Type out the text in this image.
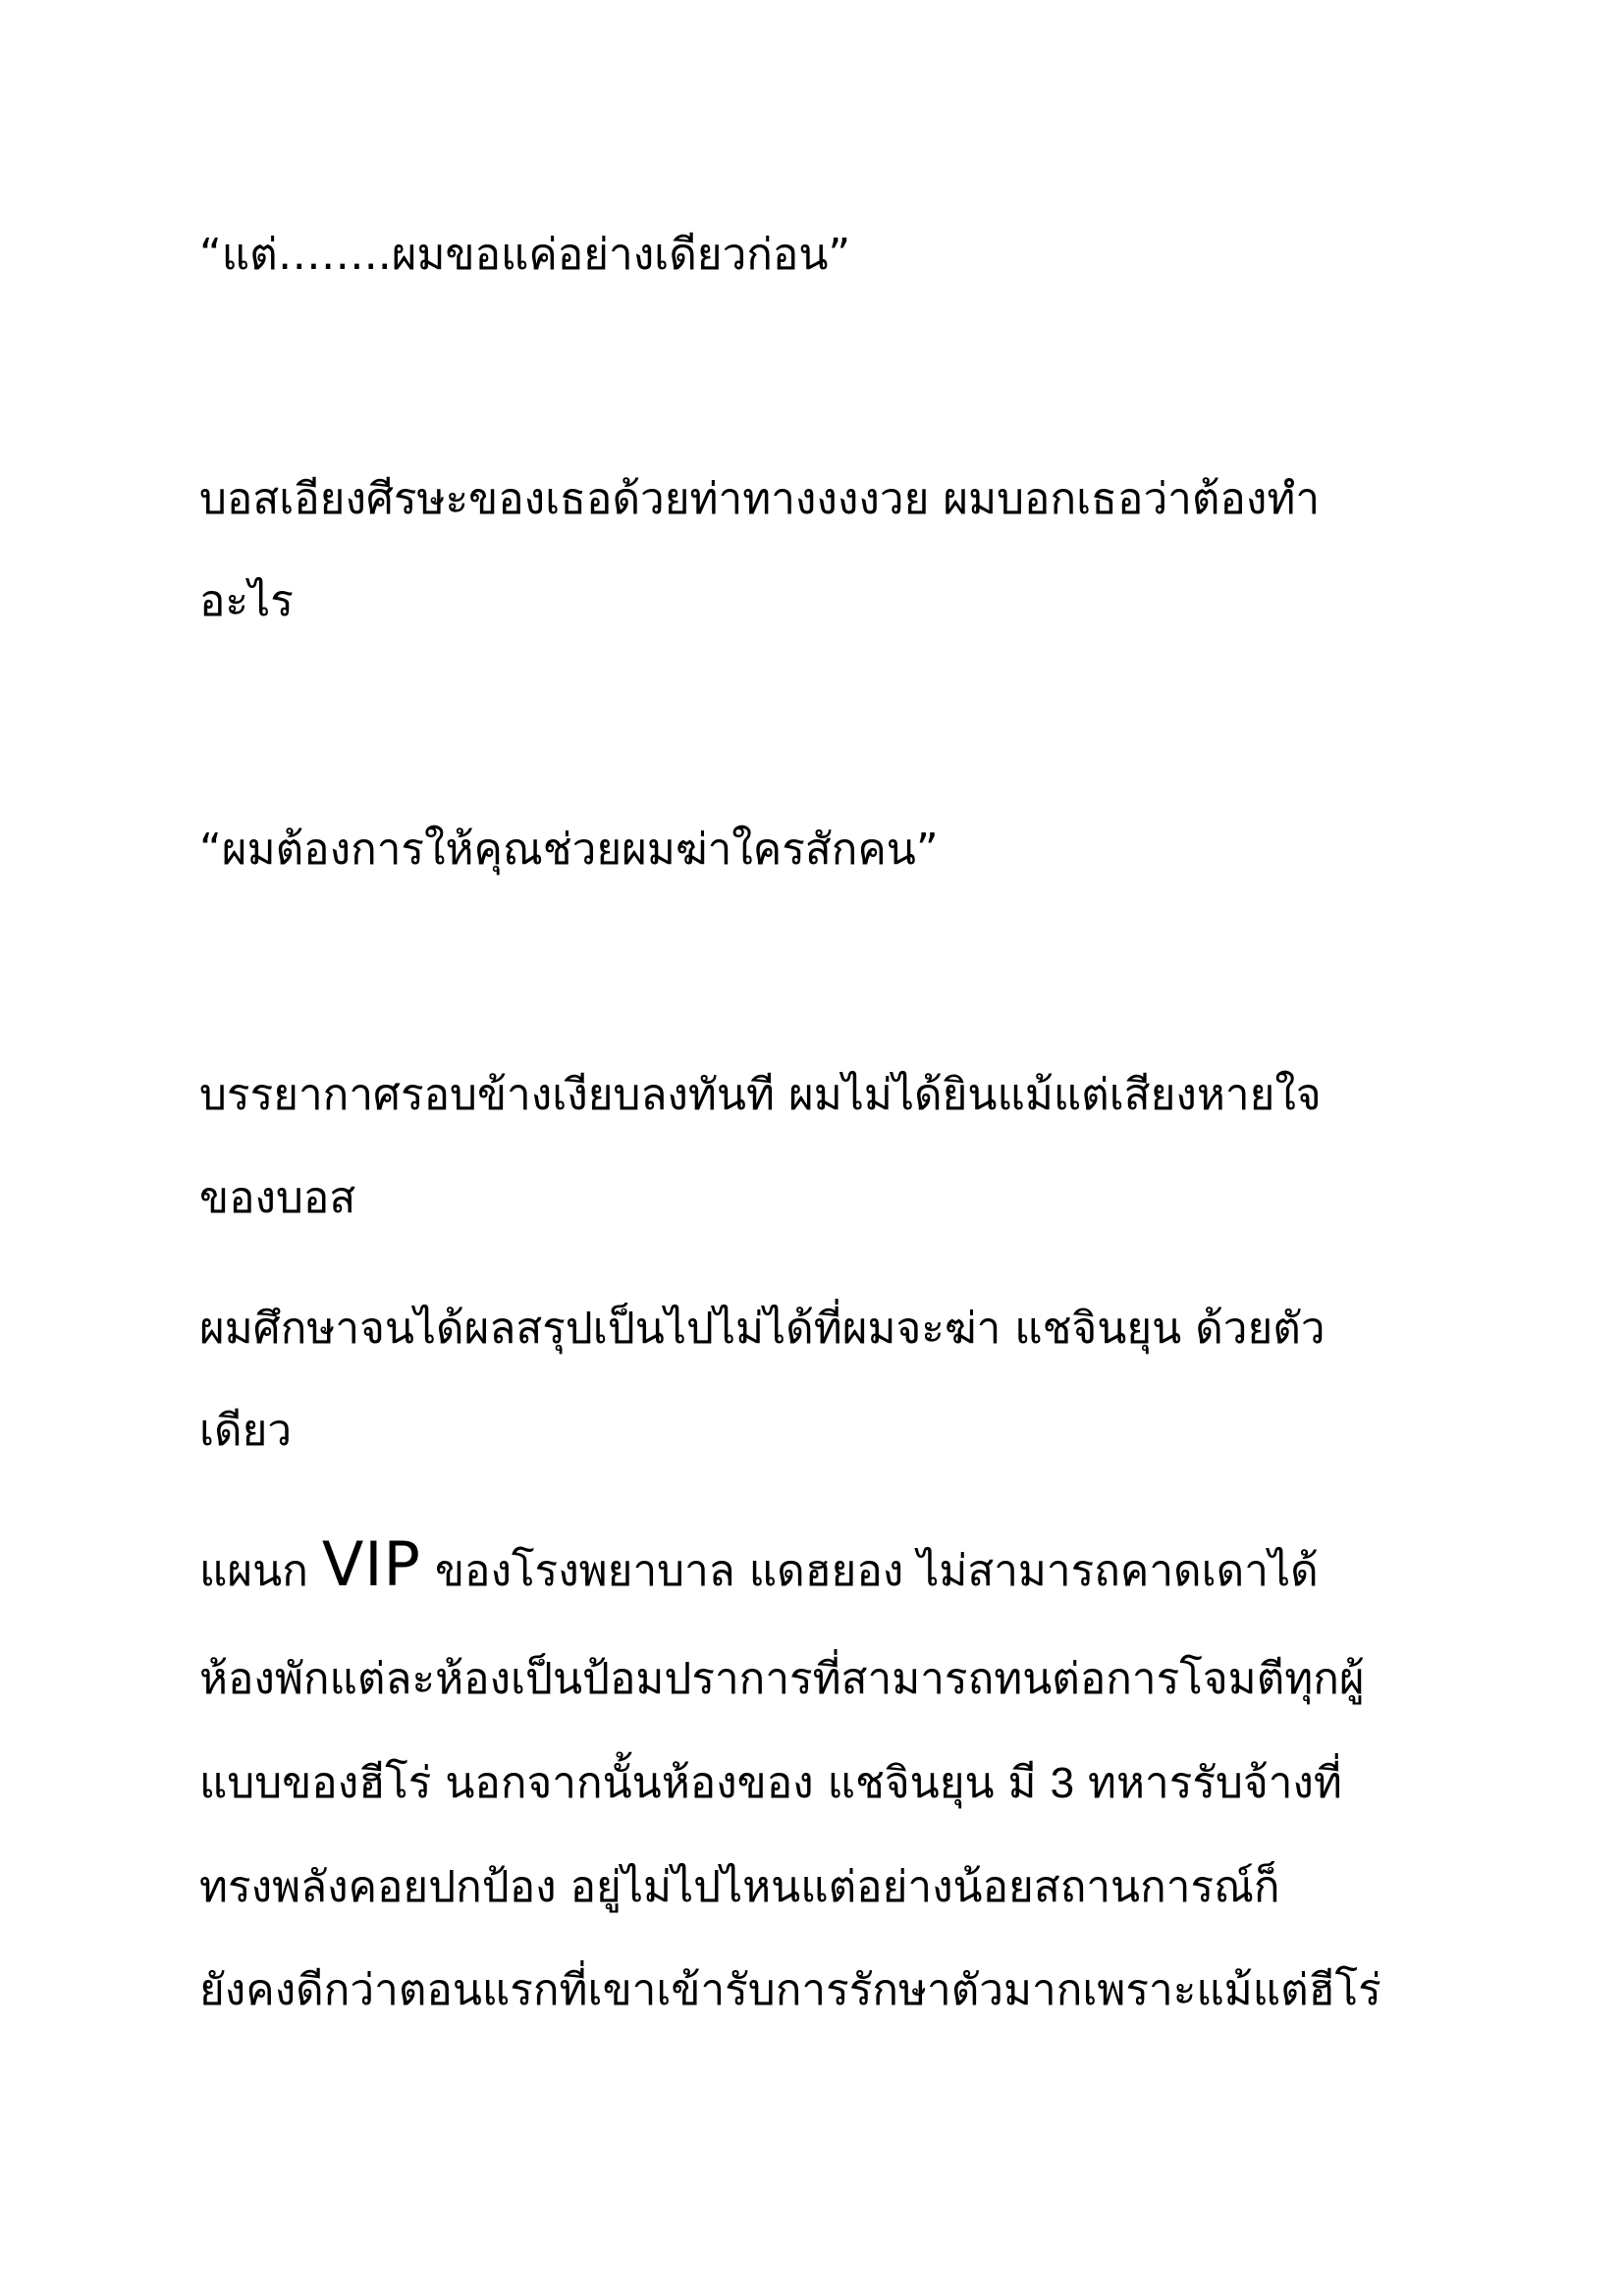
“แต่……..ผมขอแค่อย่างเดียวก่อน”

บอสเอียงศีรษะของเธอด้วยท่าทางงงงวย ผมบอกเธอว่าต้องทำ

อะไร

“ผมต้องการให้คุณช่วยผมฆ่าใครสักคน”

บรรยากาศรอบข้างเงียบลงทันที ผมไม่ได้ยินแม้แต่เสียงหายใจ

ของบอส

ผมศึกษาจนได้ผลสรุปเป็นไปไม่ได้ที่ผมจะฆ่า แชจินยุน ด้วยตัว

เดียว

แผนก VIP ของโรงพยาบาล แดฮยอง ไม่สามารถคาดเดาได้

ห้องพักแต่ละห้องเป็นป้อมปราการที่สามารถทนต่อการโจมตีทุกผู้

แบบของฮีโร่ นอกจากนั้นห้องของ แชจินยุน มี 3 ทหารรับจ้างที่

ทรงพลังคอยปกป้อง อยู่ไม่ไปไหนแต่อย่างน้อยสถานการณ์ก็

ยังคงดีกว่าตอนแรกที่เขาเข้ารับการรักษาตัวมากเพราะแม้แต่ฮีโร่
